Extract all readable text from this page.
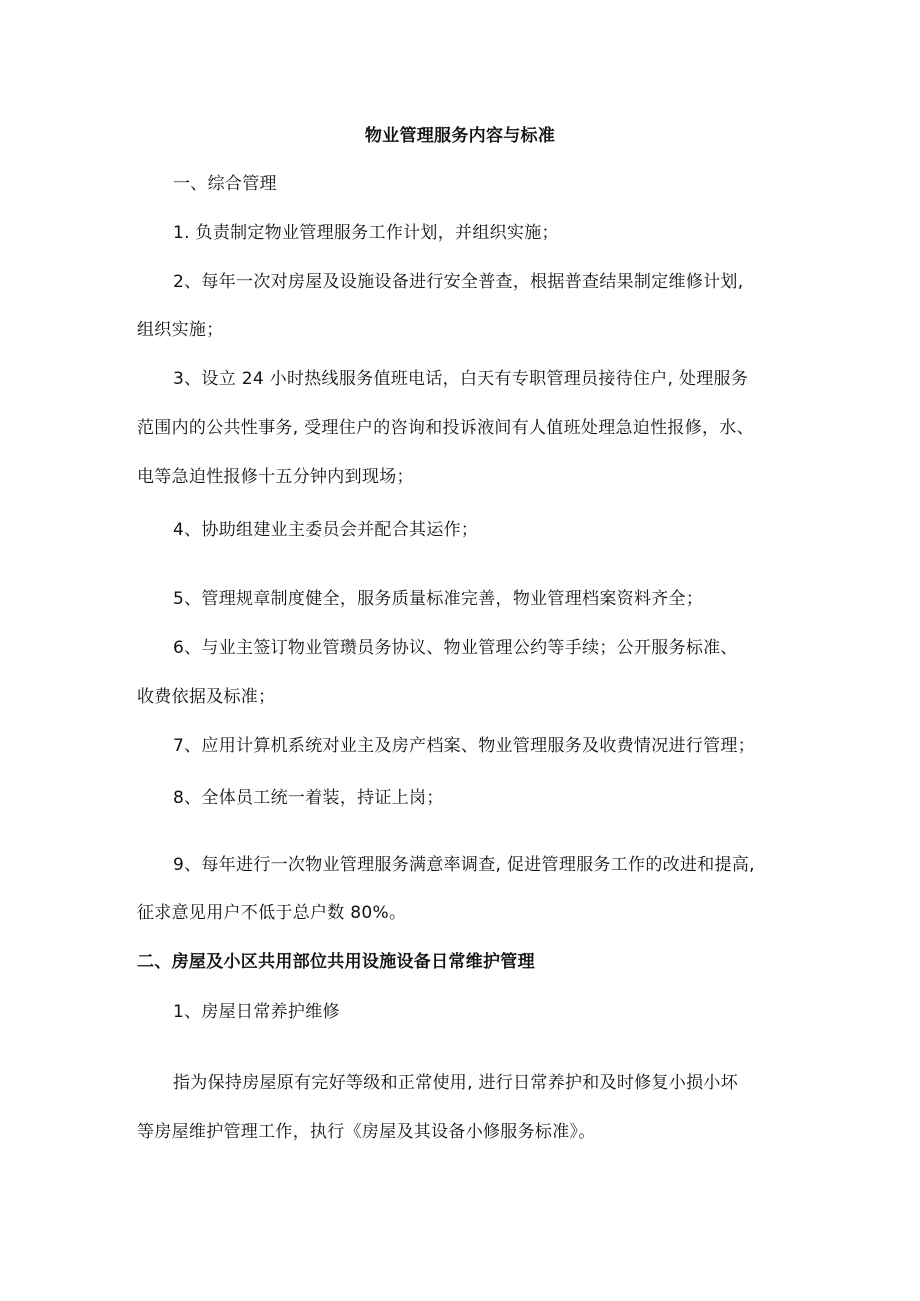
物业管理服务内容与标准
一、综合管理
1. 负责制定物业管理服务工作计划，并组织实施；
2、每年一次对房屋及设施设备进行安全普查，根据普查结果制定维修计划,
组织实施；
3、设立 24 小时热线服务值班电话，白天有专职管理员接待住户, 处理服务
范围内的公共性事务, 受理住户的咨询和投诉液间有人值班处理急迫性报修，水、
电等急迫性报修十五分钟内到现场；
4、协助组建业主委员会并配合其运作；
5、管理规章制度健全，服务质量标准完善，物业管理档案资料齐全；
6、与业主签订物业管瓒员务协议、物业管理公约等手续；公开服务标准、
收费依据及标准；
7、应用计算机系统对业主及房产档案、物业管理服务及收费情况进行管理；
8、全体员工统一着装，持证上岗；
9、每年进行一次物业管理服务满意率调查, 促进管理服务工作的改进和提高,
征求意见用户不低于总户数 80%。
二、房屋及小区共用部位共用设施设备日常维护管理
1、房屋日常养护维修
指为保持房屋原有完好等级和正常使用, 进行日常养护和及时修复小损小坏
等房屋维护管理工作，执行《房屋及其设备小修服务标准》。
